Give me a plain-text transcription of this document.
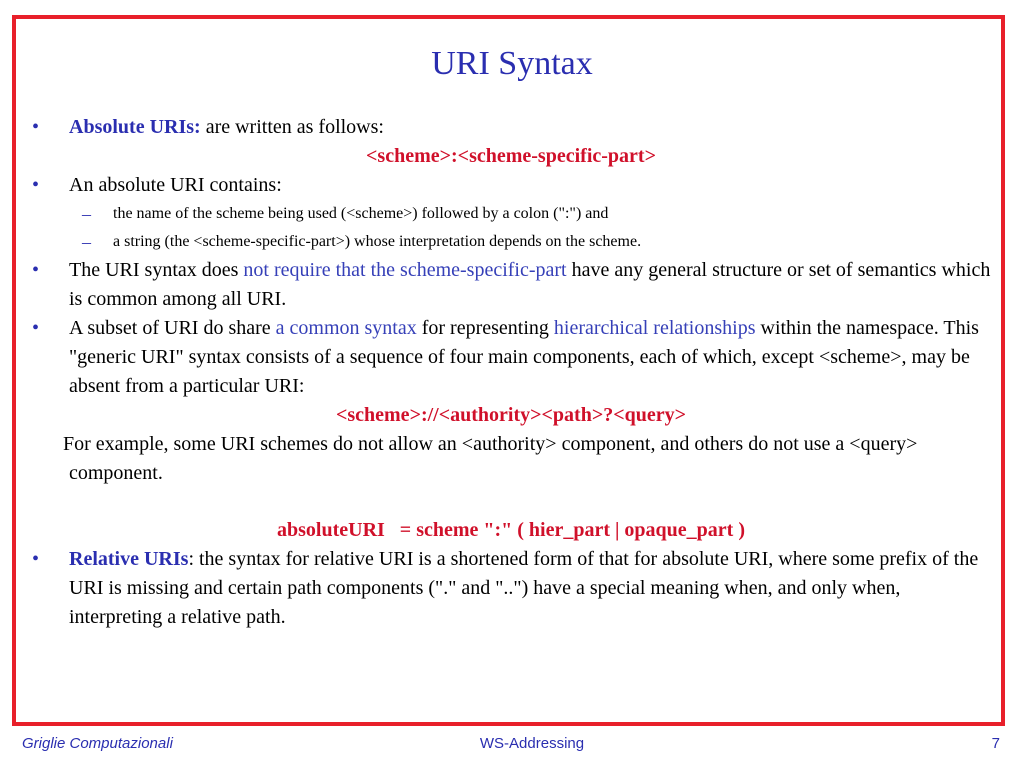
URI Syntax
•	Absolute URIs: are written as follows:
<scheme>:<scheme-specific-part>
•	An absolute URI contains:
– the name of the scheme being used (<scheme>) followed by a colon (":") and
– a string (the <scheme-specific-part>) whose interpretation depends on the scheme.
•	The URI syntax does not require that the scheme-specific-part have any general structure or set of semantics which is common among all URI.
•	A subset of URI do share a common syntax for representing hierarchical relationships within the namespace. This "generic URI" syntax consists of a sequence of four main components, each of which, except <scheme>, may be absent from a particular URI:
<scheme>://<authority><path>?<query>
For example, some URI schemes do not allow an <authority> component, and others do not use a <query> component.
absoluteURI   = scheme ":" ( hier_part | opaque_part )
•	Relative URIs: the syntax for relative URI is a shortened form of that for absolute URI, where some prefix of the URI is missing and certain path components ("." and "..") have a special meaning when, and only when, interpreting a relative path.
Griglie Computazionali	WS-Addressing	7
